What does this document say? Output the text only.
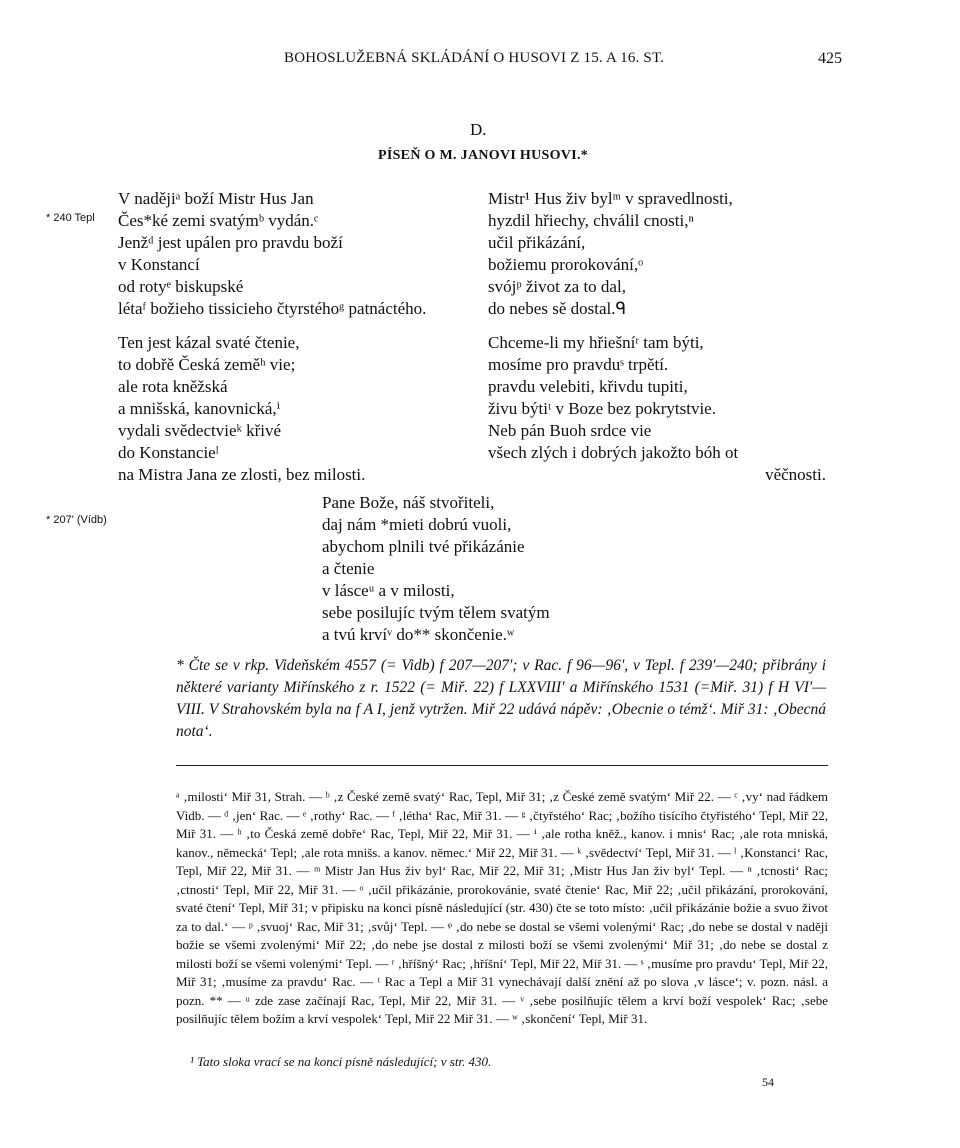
BOHOSLUŽEBNÁ SKLÁDÁNÍ O HUSOVI Z 15. A 16. ST.	425
D.
PÍSEŇ O M. JANOVI HUSOVI.*
* 240 Tepl
* 207' (Vídb)
V nadějiᵃ boží Mistr Hus Jan
Čes*ké zemi svatýmᵇ vydán.ᶜ
Jenžᵈ jest upálen pro pravdu boží
v Konstancí
od rotyᵉ biskupské
létaᶠ božieho tissicieho čtyrstéhoᵍ patnáctého.
Mistr¹ Hus živ bylᵐ v spravedlnosti,
hyzdil hřiechy, chválil cnosti,ⁿ
učil přikázání,
božiemu prorokování,ᵒ
svójᵖ život za to dal,
do nebes sě dostal.ᑫ
Ten jest kázal svaté čtenie,
to dobřě Česká zeměʰ vie;
ale rota kněžská
a mnišská, kanovnická,ⁱ
vydali svědectvieᵏ křivé
do Konstancieˡ
na Mistra Jana ze zlosti, bez milosti.
Chceme-li my hřiešníʳ tam býti,
mosíme pro pravduˢ trpětí.
pravdu velebiti, křivdu tupiti,
živu býtiᵗ v Boze bez pokrytstvie.
Neb pán Buoh srdce vie
všech zlých i dobrých jakožto bóh ot
věčnosti.
Pane Bože, náš stvořiteli,
daj nám *mieti dobrú vuoli,
abychom plnili tvé přikázánie
a čtenie
v lásceᵘ a v milosti,
sebe posilujíc tvým tělem svatým
a tvú krvíᵛ do** skončenie.ʷ
* Čte se v rkp. Videňském 4557 (= Vidb) f 207—207'; v Rac. f 96—96', v Tepl. f 239'—240; přibrány i některé varianty Miřínského z r. 1522 (= Miř. 22) f LXXVIII' a Miřínského 1531 (=Miř. 31) f H VI'— VIII. V Strahovském byla na f A I, jenž vytržen. Miř 22 udává nápěv: ‚Obecnie o témž‘. Miř 31: ‚Obecná nota‘.
ᵃ ‚milosti‘ Miř 31, Strah. — ᵇ ‚z České země svatý‘ Rac, Tepl, Miř 31; ‚z České země svatým‘ Miř 22. — ᶜ ‚vy‘ nad řádkem Vidb. — ᵈ ‚jen‘ Rac. — ᵉ ‚rothy‘ Rac. — ᶠ ‚létha‘ Rac, Miř 31. — ᵍ ‚čtyřstého‘ Rac; ‚božího tisícího čtyřistého‘ Tepl, Miř 22, Miř 31. — ʰ ‚to Česká země dobře‘ Rac, Tepl, Miř 22, Miř 31. — ⁱ ‚ale rotha kněž., kanov. i mnis‘ Rac; ‚ale rota mniská, kanov., německá‘ Tepl; ‚ale rota mnišs. a kanov. němec.‘ Miř 22, Miř 31. — ᵏ ‚svědectví‘ Tepl, Miř 31. — ˡ ‚Konstanci‘ Rac, Tepl, Miř 22, Miř 31. — ᵐ Mistr Jan Hus živ byl‘ Rac, Miř 22, Miř 31; ‚Mistr Hus Jan živ byl‘ Tepl. — ⁿ ‚tcnosti‘ Rac; ‚ctnosti‘ Tepl, Miř 22, Miř 31. — ᵒ ‚učil přikázánie, prorokovánie, svaté čtenie‘ Rac, Miř 22; ‚učil přikázání, prorokování, svaté čtení‘ Tepl, Miř 31; v připisku na konci písně následující (str. 430) čte se toto místo: ‚učil přikázánie božie a svuo život za to dal.‘ — ᵖ ‚svuoj‘ Rac, Miř 31; ‚svůj‘ Tepl. — ᵠ ‚do nebe se dostal se všemi volenými‘ Rac; ‚do nebe se dostal v naději božie se všemi zvolenými‘ Miř 22; ‚do nebe jse dostal z milosti boží se všemi zvolenými‘ Miř 31; ‚do nebe se dostal z milosti boží se všemi volenými‘ Tepl. — ʳ ‚hříšný‘ Rac; ‚hříšní‘ Tepl, Miř 22, Miř 31. — ˢ ‚musíme pro pravdu‘ Tepl, Miř 22, Miř 31; ‚musíme za pravdu‘ Rac. — ᵗ Rac a Tepl a Miř 31 vynechávají další znění až po slova ‚v lásce‘; v. pozn. násl. a pozn. ** — ᵘ zde zase začínají Rac, Tepl, Miř 22, Miř 31. — ᵛ ‚sebe posilňujíc tělem a krví boží vespolek‘ Rac; ‚sebe posilňujíc tělem božím a krví vespolek‘ Tepl, Miř 22 Miř 31. — ʷ ‚skončení‘ Tepl, Miř 31.
¹ Tato sloka vrací se na konci písně následující; v str. 430.
54
